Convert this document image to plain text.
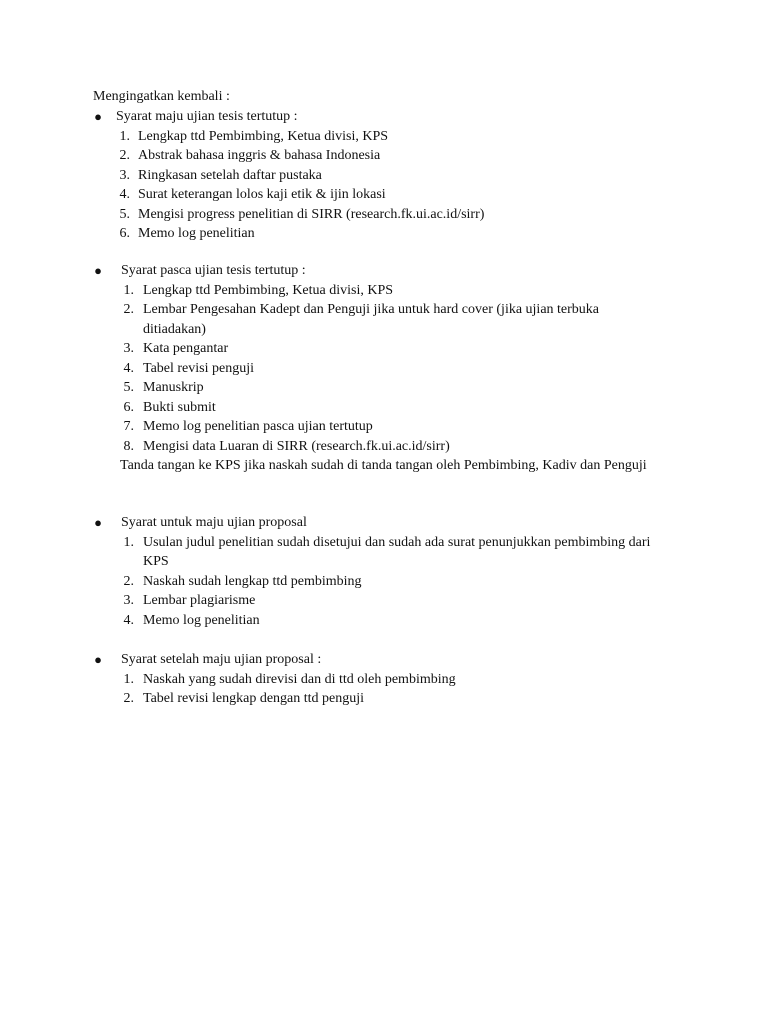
Mengingatkan kembali :
● Syarat maju ujian tesis tertutup :
1. Lengkap ttd Pembimbing, Ketua divisi, KPS
2. Abstrak bahasa inggris & bahasa Indonesia
3. Ringkasan setelah daftar pustaka
4. Surat keterangan lolos kaji etik & ijin lokasi
5. Mengisi progress penelitian di SIRR (research.fk.ui.ac.id/sirr)
6. Memo log penelitian
● Syarat pasca ujian tesis tertutup :
1. Lengkap ttd Pembimbing, Ketua divisi, KPS
2. Lembar Pengesahan Kadept dan Penguji jika untuk hard cover (jika ujian terbuka ditiadakan)
3. Kata pengantar
4. Tabel revisi penguji
5. Manuskrip
6. Bukti submit
7. Memo log penelitian pasca ujian tertutup
8. Mengisi data Luaran di SIRR (research.fk.ui.ac.id/sirr)
Tanda tangan ke KPS jika naskah sudah di tanda tangan oleh Pembimbing, Kadiv dan Penguji
● Syarat untuk maju ujian proposal
1. Usulan judul penelitian sudah disetujui dan sudah ada surat penunjukkan pembimbing dari KPS
2. Naskah sudah lengkap ttd pembimbing
3. Lembar plagiarisme
4. Memo log penelitian
● Syarat setelah maju ujian proposal :
1. Naskah yang sudah direvisi dan di ttd oleh pembimbing
2. Tabel revisi lengkap dengan ttd penguji
